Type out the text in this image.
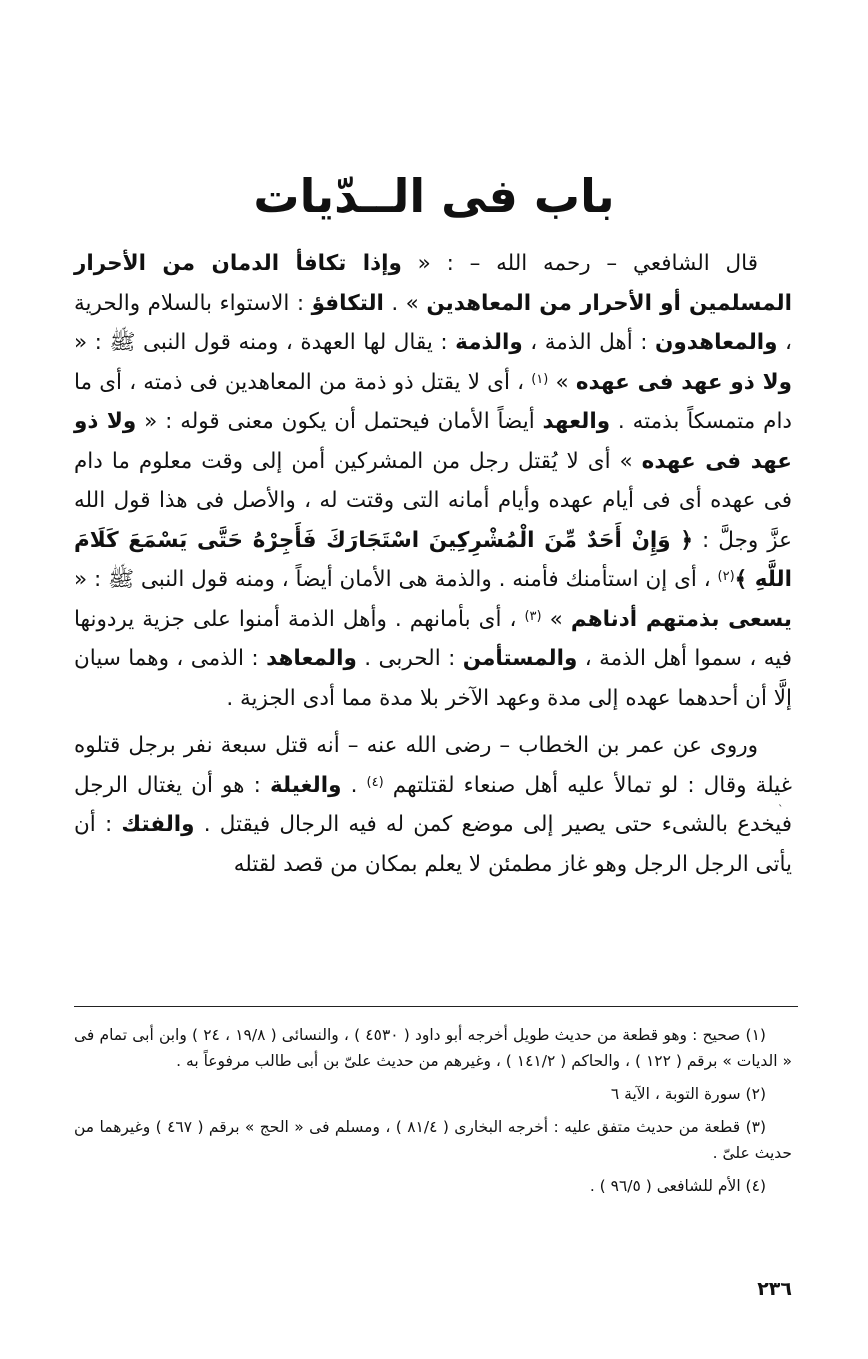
باب فى الــدّيات

قال الشافعي – رحمه الله – : « وإذا تكافأ الدمان من الأحرار المسلمين أو الأحرار من المعاهدين » . التكافؤ : الاستواء بالسلام والحرية ، والمعاهدون : أهل الذمة ، والذمة : يقال لها العهدة ، ومنه قول النبى ﷺ : « ولا ذو عهد فى عهده » $^{(١)}$ ، أى لا يقتل ذو ذمة من المعاهدين فى ذمته ، أى ما دام متمسكاً بذمته . والعهد أيضاً الأمان فيحتمل أن يكون معنى قوله : « ولا ذو عهد فى عهده » أى لا يُقتل رجل من المشركين أمن إلى وقت معلوم ما دام فى عهده أى فى أيام عهده وأيام أمانه التى وقتت له ، والأصل فى هذا قول الله عزَّ وجلَّ : ﴿ وَإِنْ أَحَدٌ مِّنَ الْمُشْرِكِينَ اسْتَجَارَكَ فَأَجِرْهُ حَتَّى يَسْمَعَ كَلَامَ اللَّهِ ﴾$^{(٢)}$ ، أى إن استأمنك فأمنه . والذمة هى الأمان أيضاً ، ومنه قول النبى ﷺ : « يسعى بذمتهم أدناهم » $^{(٣)}$ ، أى بأمانهم . وأهل الذمة أمنوا على جزية يردونها فيه ، سموا أهل الذمة ، والمستأمن : الحربى . والمعاهد : الذمى ، وهما سيان إلَّا أن أحدهما عهده إلى مدة وعهد الآخر بلا مدة مما أدى الجزية .

وروى عن عمر بن الخطاب – رضى الله عنه – أنه قتل سبعة نفر برجل قتلوه غيلة وقال : لو تمالأ عليه أهل صنعاء لقتلتهم $^{(٤)}$ . والغيلة : هو أن يغتال الرجل فيخدع بالشىء حتى يصير إلى موضع كمن له فيه الرجال فيقتل . والفتك : أن يأتى الرجل الرجل وهو غاز مطمئن لا يعلم بمكان من قصد لقتله

ˎ

(١) صحيح : وهو قطعة من حديث طويل أخرجه أبو داود ( ٤٥٣٠ ) ، والنسائى ( ١٩/٨ ، ٢٤ ) وابن أبى تمام فى « الديات » برقم ( ١٢٢ ) ، والحاكم ( ١٤١/٢ ) ، وغيرهم من حديث علىّ بن أبى طالب مرفوعاً به .

(٢) سورة التوبة ، الآية ٦

(٣) قطعة من حديث متفق عليه : أخرجه البخارى ( ٨١/٤ ) ، ومسلم فى « الحج » برقم ( ٤٦٧ ) وغيرهما من حديث علىّ .

(٤) الأم للشافعى ( ٩٦/٥ ) .

٢٣٦
